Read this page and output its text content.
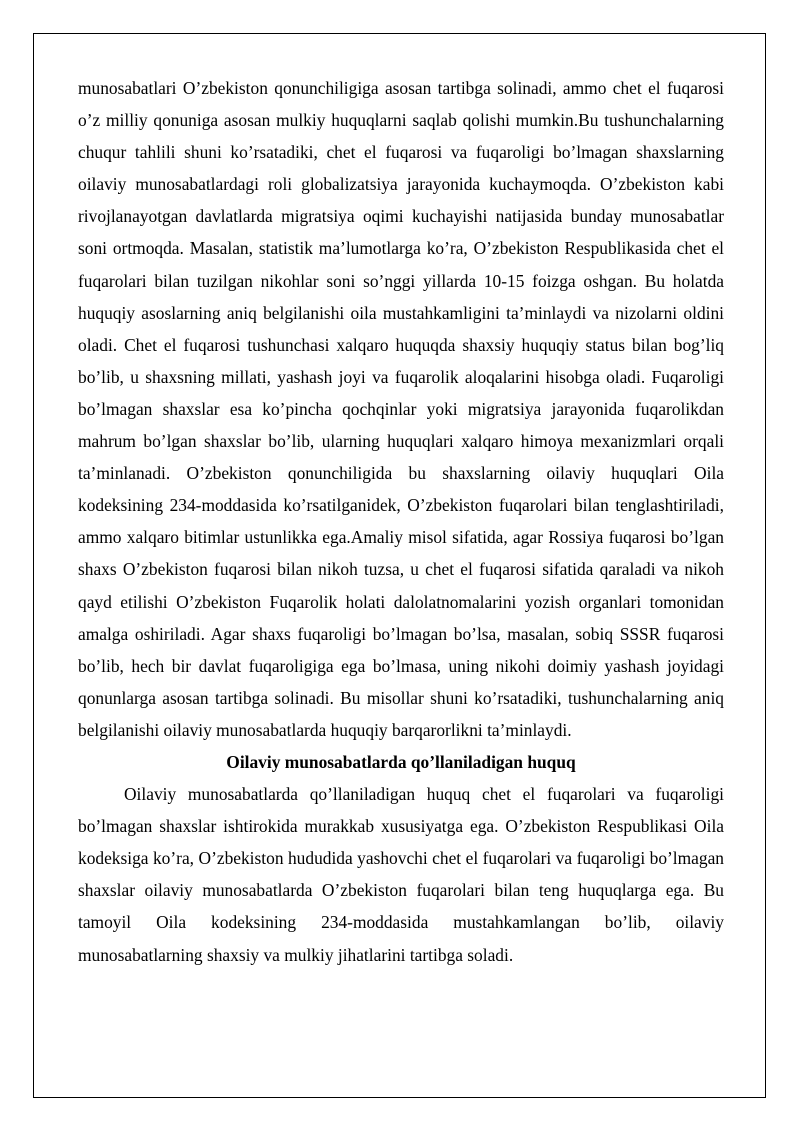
munosabatlari O’zbekiston qonunchiligiga asosan tartibga solinadi, ammo chet el fuqarosi o’z milliy qonuniga asosan mulkiy huquqlarni saqlab qolishi mumkin.Bu tushunchalarning chuqur tahlili shuni ko’rsatadiki, chet el fuqarosi va fuqaroligi bo’lmagan shaxslarning oilaviy munosabatlardagi roli globalizatsiya jarayonida kuchaymoqda. O’zbekiston kabi rivojlanayotgan davlatlarda migratsiya oqimi kuchayishi natijasida bunday munosabatlar soni ortmoqda. Masalan, statistik ma’lumotlarga ko’ra, O’zbekiston Respublikasida chet el fuqarolari bilan tuzilgan nikohlar soni so’nggi yillarda 10-15 foizga oshgan. Bu holatda huquqiy asoslarning aniq belgilanishi oila mustahkamligini ta’minlaydi va nizolarni oldini oladi. Chet el fuqarosi tushunchasi xalqaro huquqda shaxsiy huquqiy status bilan bog’liq bo’lib, u shaxsning millati, yashash joyi va fuqarolik aloqalarini hisobga oladi. Fuqaroligi bo’lmagan shaxslar esa ko’pincha qochqinlar yoki migratsiya jarayonida fuqarolikdan mahrum bo’lgan shaxslar bo’lib, ularning huquqlari xalqaro himoya mexanizmlari orqali ta’minlanadi. O’zbekiston qonunchiligida bu shaxslarning oilaviy huquqlari Oila kodeksining 234-moddasida ko’rsatilganidek, O’zbekiston fuqarolari bilan tenglashtiriladi, ammo xalqaro bitimlar ustunlikka ega.Amaliy misol sifatida, agar Rossiya fuqarosi bo’lgan shaxs O’zbekiston fuqarosi bilan nikoh tuzsa, u chet el fuqarosi sifatida qaraladi va nikoh qayd etilishi O’zbekiston Fuqarolik holati dalolatnomalarini yozish organlari tomonidan amalga oshiriladi. Agar shaxs fuqaroligi bo’lmagan bo’lsa, masalan, sobiq SSSR fuqarosi bo’lib, hech bir davlat fuqaroligiga ega bo’lmasa, uning nikohi doimiy yashash joyidagi qonunlarga asosan tartibga solinadi. Bu misollar shuni ko’rsatadiki, tushunchalarning aniq belgilanishi oilaviy munosabatlarda huquqiy barqarorlikni ta’minlaydi.

Oilaviy munosabatlarda qo’llaniladigan huquq

Oilaviy munosabatlarda qo’llaniladigan huquq chet el fuqarolari va fuqaroligi bo’lmagan shaxslar ishtirokida murakkab xususiyatga ega. O’zbekiston Respublikasi Oila kodeksiga ko’ra, O’zbekiston hududida yashovchi chet el fuqarolari va fuqaroligi bo’lmagan shaxslar oilaviy munosabatlarda O’zbekiston fuqarolari bilan teng huquqlarga ega. Bu tamoyil Oila kodeksining 234-moddasida mustahkamlangan bo’lib, oilaviy munosabatlarning shaxsiy va mulkiy jihatlarini tartibga soladi.
